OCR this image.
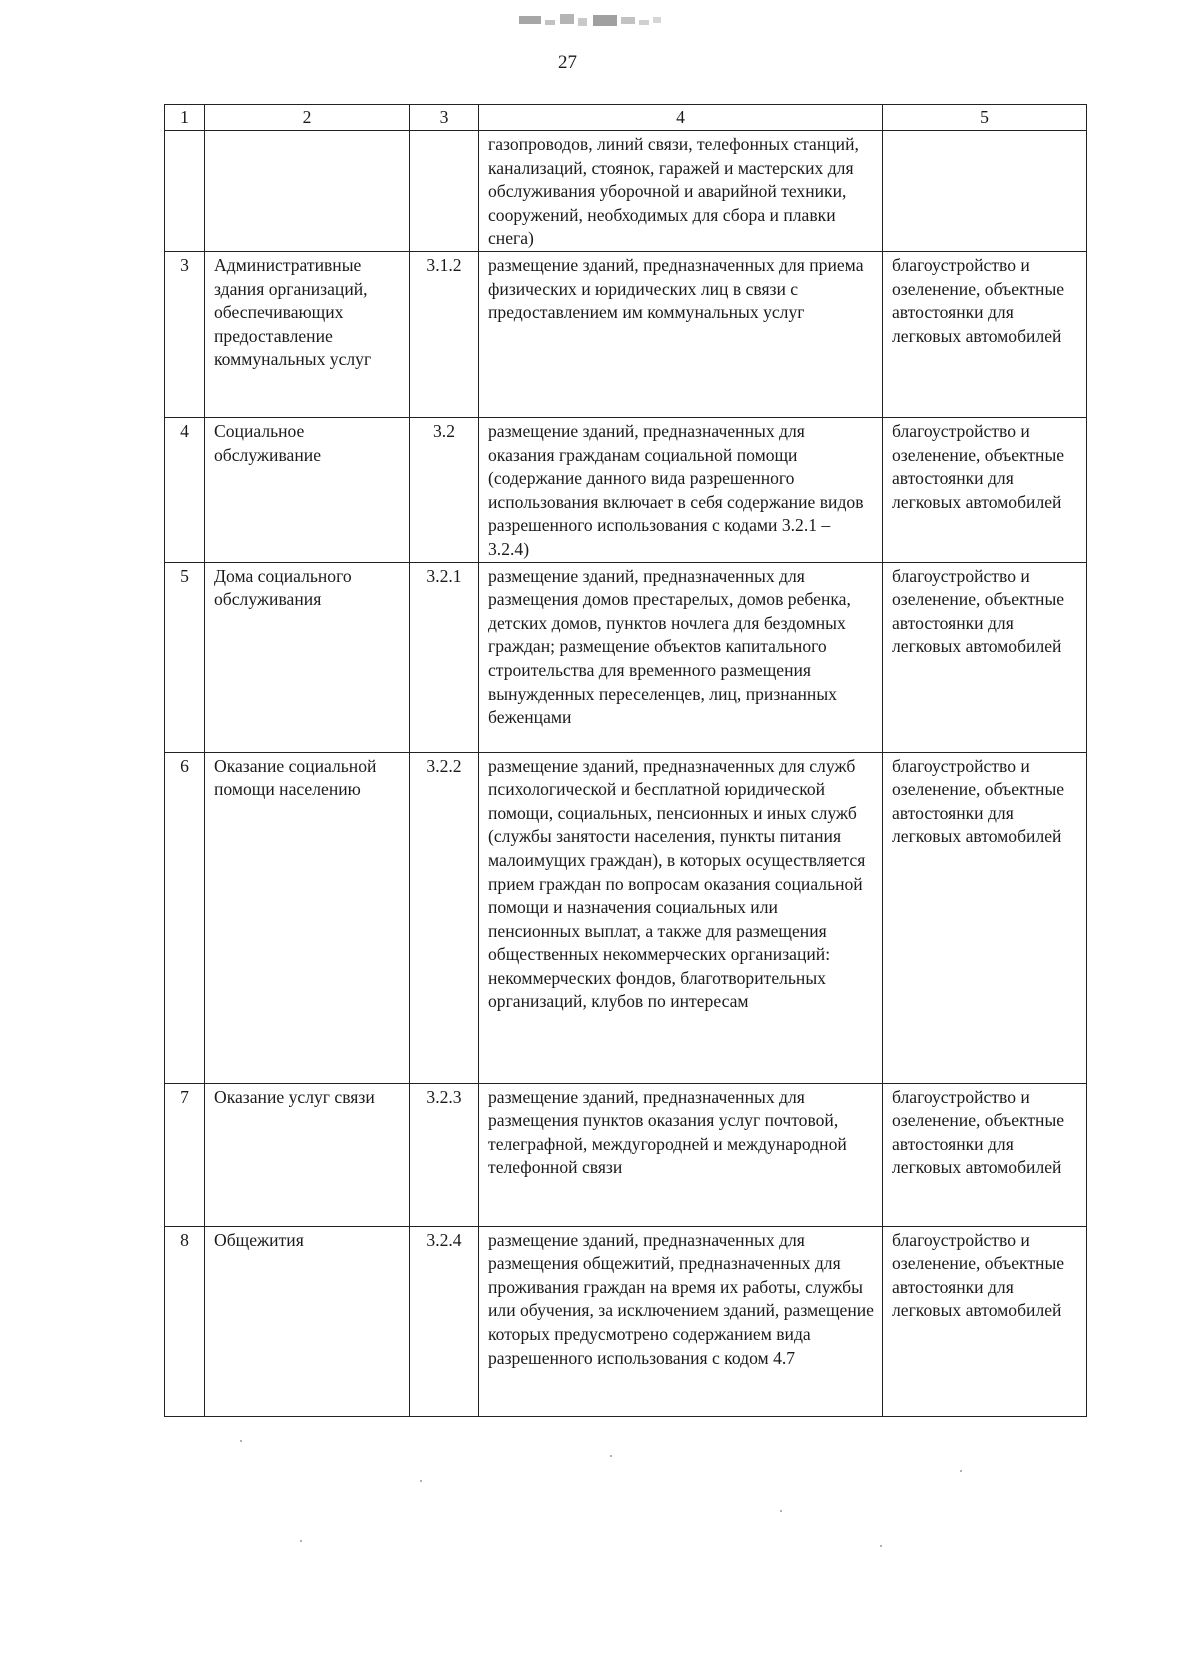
27
1	2	3	4	5
			газопроводов, линий связи, телефонных станций, канализаций, стоянок, гаражей и мастерских для обслуживания уборочной и аварийной техники, сооружений, необходимых для сбора и плавки снега)	
3	Административные здания организаций, обеспечивающих предоставление коммунальных услуг	3.1.2	размещение зданий, предназначенных для приема физических и юридических лиц в связи с предоставлением им коммунальных услуг	благоустройство и озеленение, объектные автостоянки для легковых автомобилей
4	Социальное обслуживание	3.2	размещение зданий, предназначенных для оказания гражданам социальной помощи (содержание данного вида разрешенного использования включает в себя содержание видов разрешенного использования с кодами 3.2.1 – 3.2.4)	благоустройство и озеленение, объектные автостоянки для легковых автомобилей
5	Дома социального обслуживания	3.2.1	размещение зданий, предназначенных для размещения домов престарелых, домов ребенка, детских домов, пунктов ночлега для бездомных граждан; размещение объектов капитального строительства для временного размещения вынужденных переселенцев, лиц, признанных беженцами	благоустройство и озеленение, объектные автостоянки для легковых автомобилей
6	Оказание социальной помощи населению	3.2.2	размещение зданий, предназначенных для служб психологической и бесплатной юридической помощи, социальных, пенсионных и иных служб (службы занятости населения, пункты питания малоимущих граждан), в которых осуществляется прием граждан по вопросам оказания социальной помощи и назначения социальных или пенсионных выплат, а также для размещения общественных некоммерческих организаций: некоммерческих фондов, благотворительных организаций, клубов по интересам	благоустройство и озеленение, объектные автостоянки для легковых автомобилей
7	Оказание услуг связи	3.2.3	размещение зданий, предназначенных для размещения пунктов оказания услуг почтовой, телеграфной, междугородней и международной телефонной связи	благоустройство и озеленение, объектные автостоянки для легковых автомобилей
8	Общежития	3.2.4	размещение зданий, предназначенных для размещения общежитий, предназначенных для проживания граждан на время их работы, службы или обучения, за исключением зданий, размещение которых предусмотрено содержанием вида разрешенного использования с кодом 4.7	благоустройство и озеленение, объектные автостоянки для легковых автомобилей
